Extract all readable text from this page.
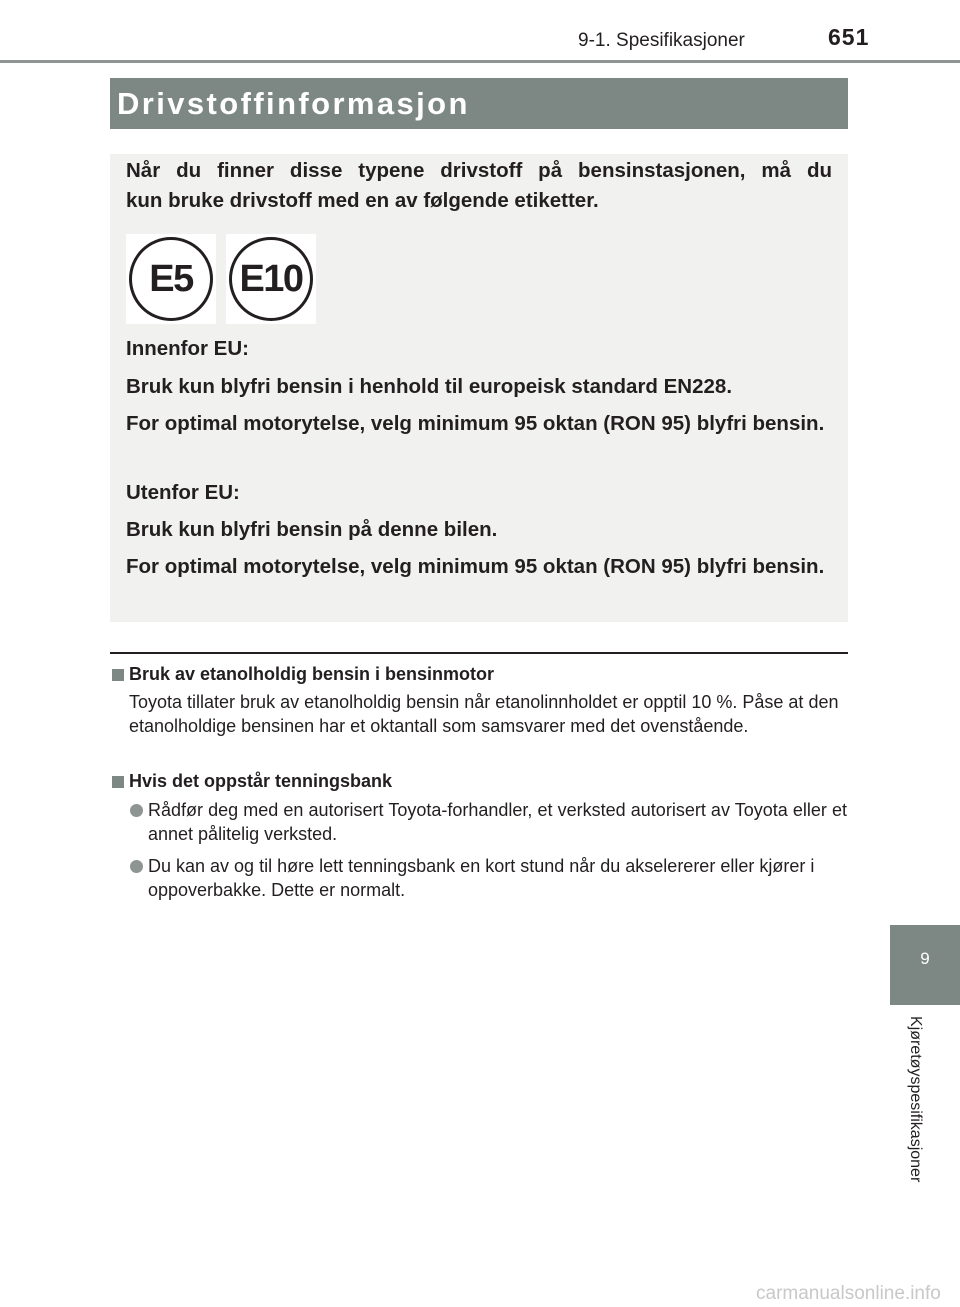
9-1. Spesifikasjoner	651
Drivstoffinformasjon

Når du finner disse typene drivstoff på bensinstasjonen, må du
kun bruke drivstoff med en av følgende etiketter.

E5 E10

Innenfor EU:

Bruk kun blyfri bensin i henhold til europeisk standard EN228.

For optimal motorytelse, velg minimum 95 oktan (RON 95) blyfri bensin.

Utenfor EU:

Bruk kun blyfri bensin på denne bilen.

For optimal motorytelse, velg minimum 95 oktan (RON 95) blyfri bensin.

Bruk av etanolholdig bensin i bensinmotor

Toyota tillater bruk av etanolholdig bensin når etanolinnholdet er opptil 10 %. Påse at den etanolholdige bensinen har et oktantall som samsvarer med det ovenstående.

Hvis det oppstår tenningsbank

Rådfør deg med en autorisert Toyota-forhandler, et verksted autorisert av Toyota eller et annet pålitelig verksted.

Du kan av og til høre lett tenningsbank en kort stund når du akselererer eller kjører i oppoverbakke. Dette er normalt.

9
Kjøretøyspesifikasjoner
carmanualsonline.info
